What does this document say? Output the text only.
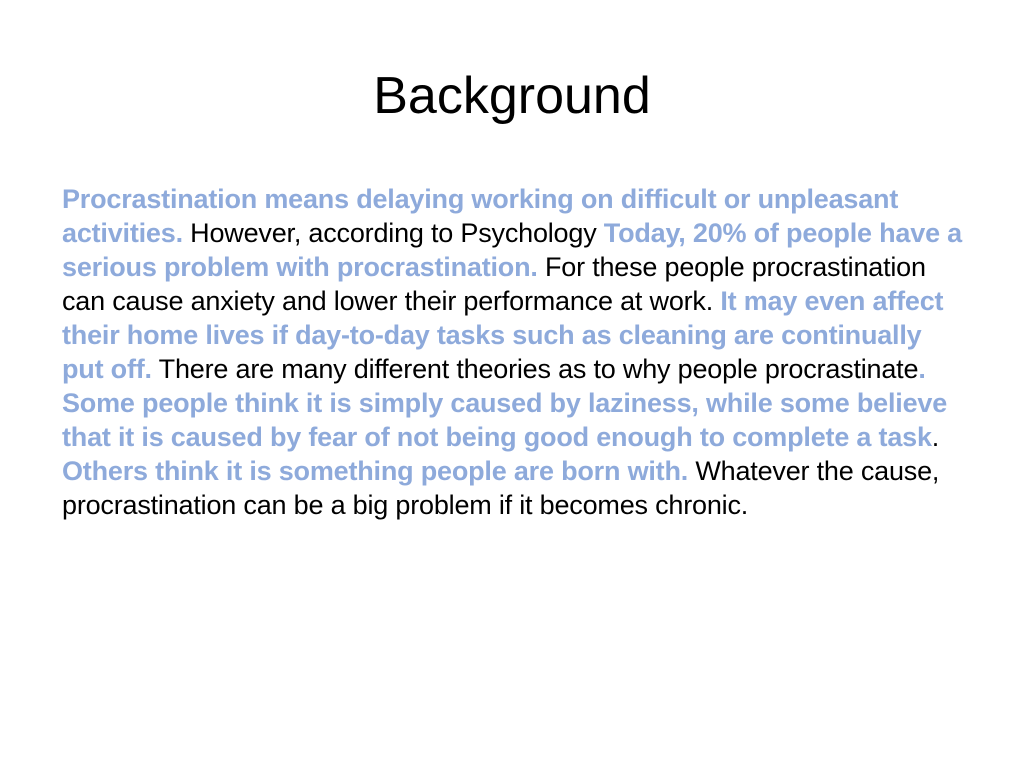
Background

Procrastination means delaying working on difficult or unpleasant activities. However, according to Psychology Today, 20% of people have a serious problem with procrastination. For these people procrastination can cause anxiety and lower their performance at work. It may even affect their home lives if day-to-day tasks such as cleaning are continually put off. There are many different theories as to why people procrastinate. Some people think it is simply caused by laziness, while some believe that it is caused by fear of not being good enough to complete a task. Others think it is something people are born with. Whatever the cause, procrastination can be a big problem if it becomes chronic.
